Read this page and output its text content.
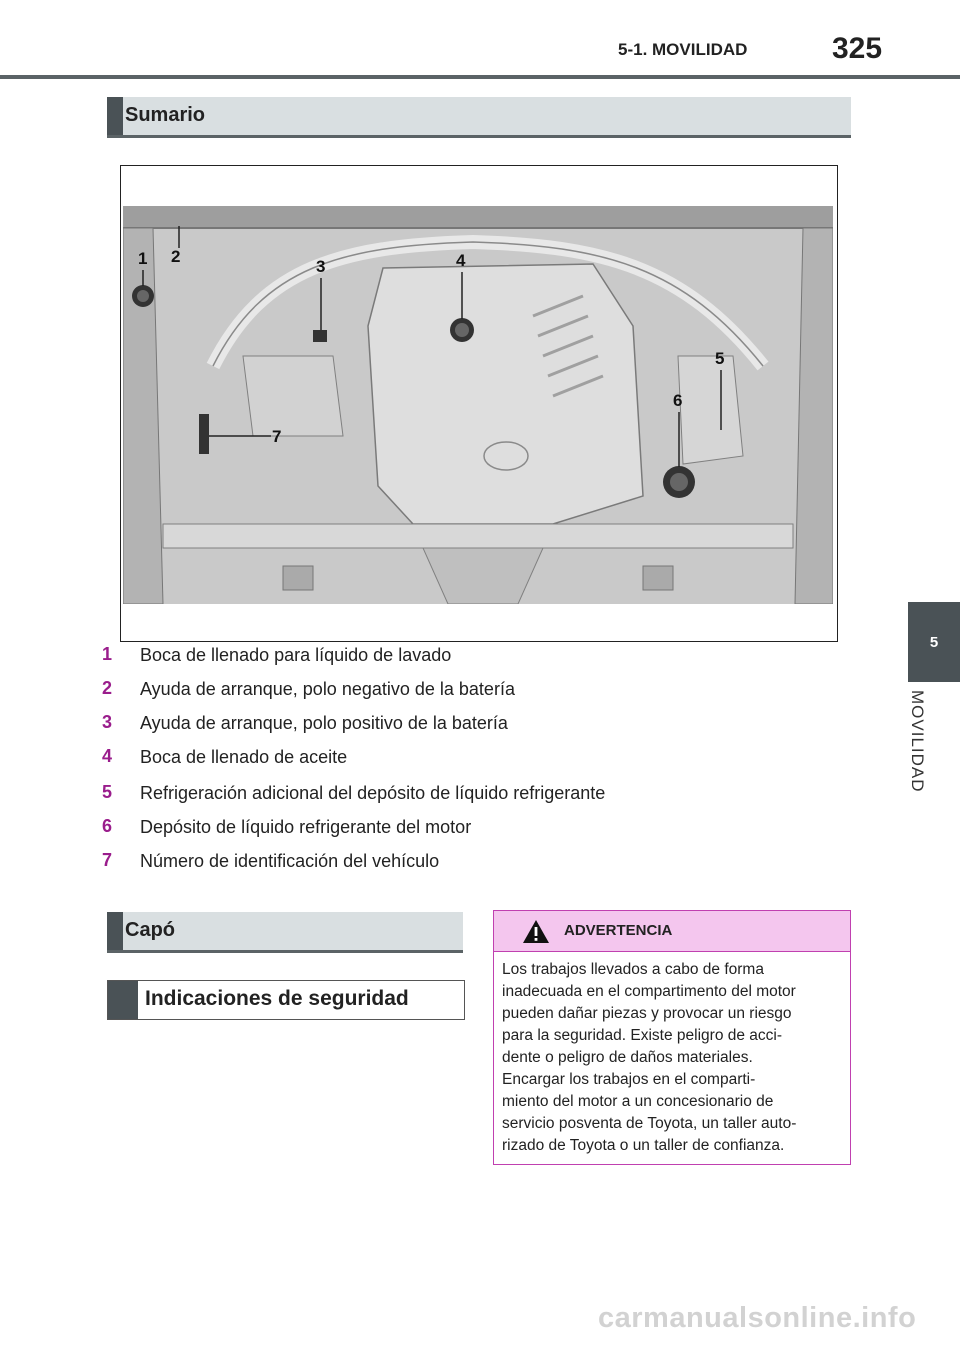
5-1. MOVILIDAD	325
5
MOVILIDAD
Sumario
1 2
3	4
5
6
7
1 Boca de llenado para líquido de lavado
2 Ayuda de arranque, polo negativo de la batería
3 Ayuda de arranque, polo positivo de la batería
4 Boca de llenado de aceite
5 Refrigeración adicional del depósito de líquido refrigerante
6 Depósito de líquido refrigerante del motor
7 Número de identificación del vehículo
Capó
Indicaciones de seguridad
ADVERTENCIA
Los trabajos llevados a cabo de forma
inadecuada en el compartimento del motor
pueden dañar piezas y provocar un riesgo
para la seguridad. Existe peligro de acci-
dente o peligro de daños materiales.
Encargar los trabajos en el comparti-
miento del motor a un concesionario de
servicio posventa de Toyota, un taller auto-
rizado de Toyota o un taller de confianza.
carmanualsonline.info
